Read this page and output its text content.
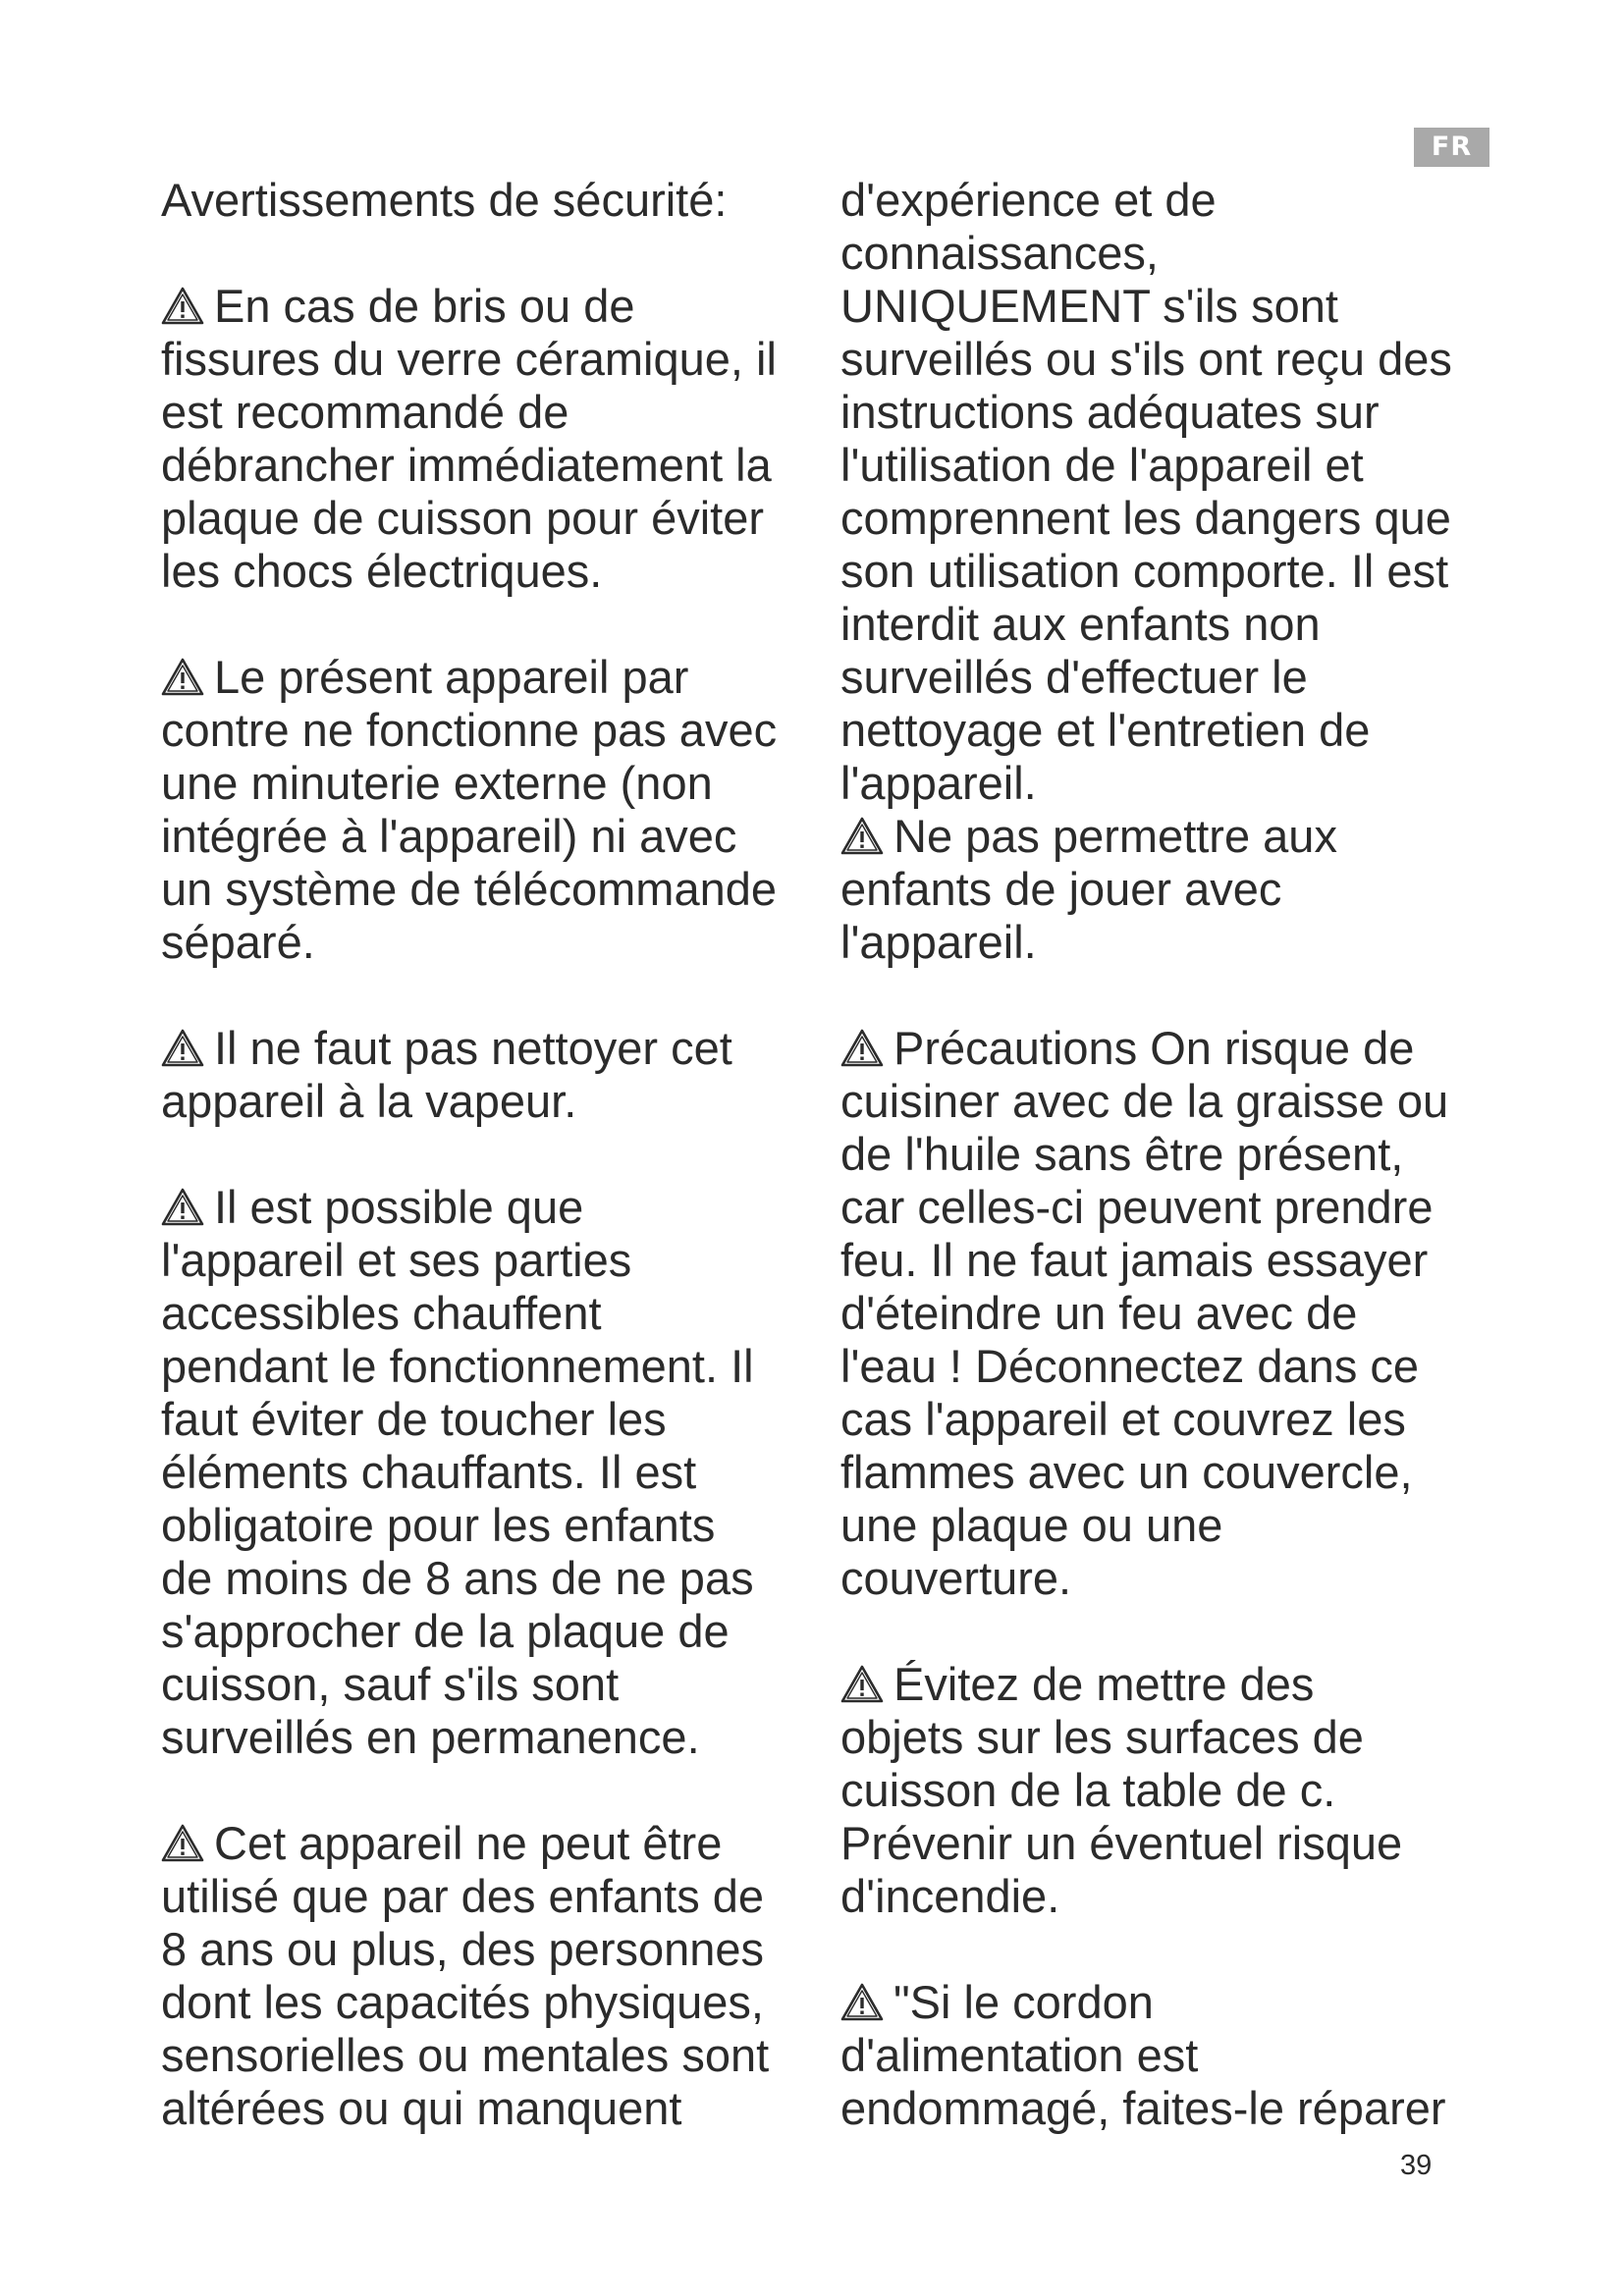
FR
Avertissements de sécurité:
En cas de bris ou de
fissures du verre céramique, il
est recommandé de
débrancher immédiatement la
plaque de cuisson pour éviter
les chocs électriques.
Le présent appareil par
contre ne fonctionne pas avec
une minuterie externe (non
intégrée à l'appareil) ni avec
un système de télécommande
séparé.
Il ne faut pas nettoyer cet
appareil à la vapeur.
Il est possible que
l'appareil et ses parties
accessibles chauffent
pendant le fonctionnement. Il
faut éviter de toucher les
éléments chauffants. Il est
obligatoire pour les enfants
de moins de 8 ans de ne pas
s'approcher de la plaque de
cuisson, sauf s'ils sont
surveillés en permanence.
Cet appareil ne peut être
utilisé que par des enfants de
8 ans ou plus, des personnes
dont les capacités physiques,
sensorielles ou mentales sont
altérées ou qui manquent
d'expérience et de
connaissances,
UNIQUEMENT s'ils sont
surveillés ou s'ils ont reçu des
instructions adéquates sur
l'utilisation de l'appareil et
comprennent les dangers que
son utilisation comporte. Il est
interdit aux enfants non
surveillés d'effectuer le
nettoyage et l'entretien de
l'appareil.
Ne pas permettre aux
enfants de jouer avec
l'appareil.
Précautions On risque de
cuisiner avec de la graisse ou
de l'huile sans être présent,
car celles-ci peuvent prendre
feu. Il ne faut jamais essayer
d'éteindre un feu avec de
l'eau ! Déconnectez dans ce
cas l'appareil et couvrez les
flammes avec un couvercle,
une plaque ou une
couverture.
Évitez de mettre des
objets sur les surfaces de
cuisson de la table de c.
Prévenir un éventuel risque
d'incendie.
"Si le cordon
d'alimentation est
endommagé, faites-le réparer
39
